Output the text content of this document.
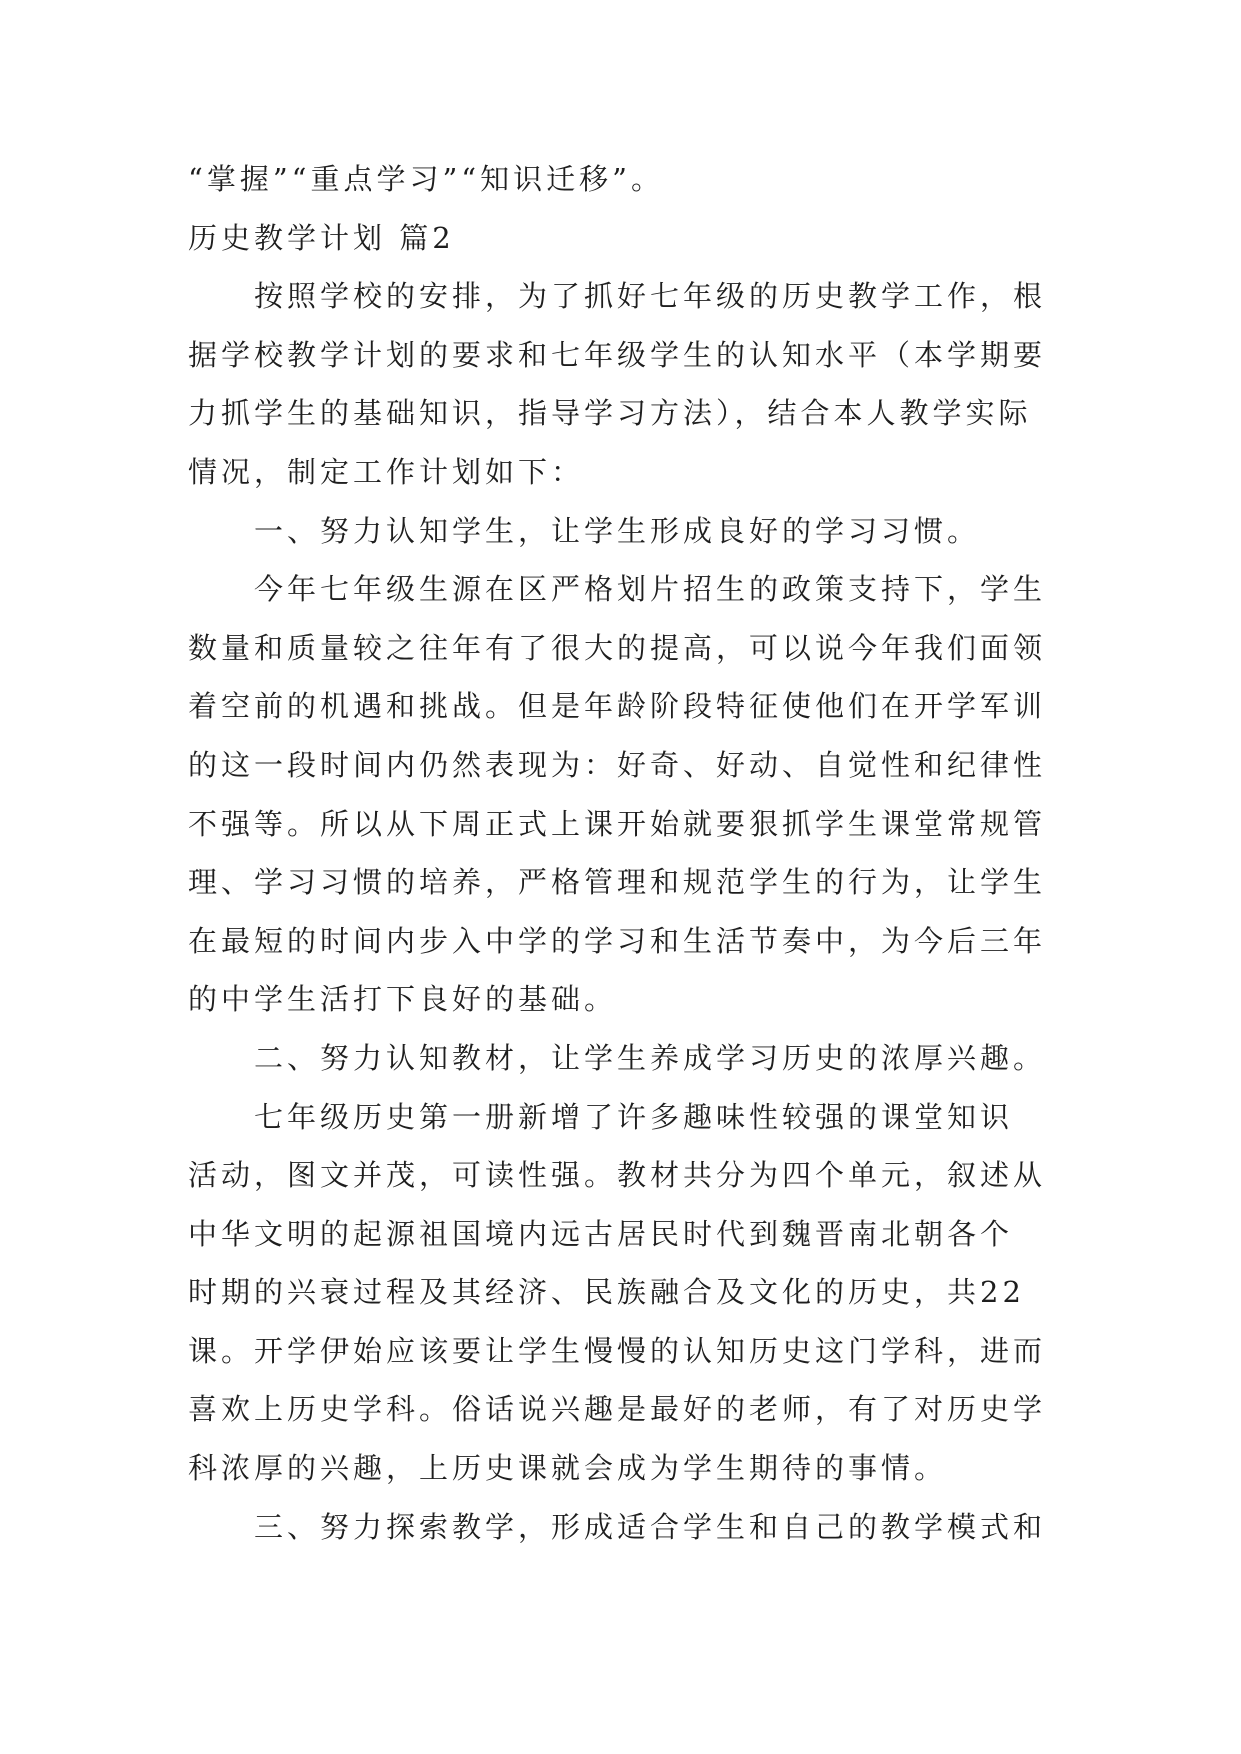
“掌握”“重点学习”“知识迁移”。
历史教学计划 篇2
按照学校的安排，为了抓好七年级的历史教学工作，根
据学校教学计划的要求和七年级学生的认知水平（本学期要
力抓学生的基础知识，指导学习方法），结合本人教学实际
情况，制定工作计划如下：
一、努力认知学生，让学生形成良好的学习习惯。
今年七年级生源在区严格划片招生的政策支持下，学生
数量和质量较之往年有了很大的提高，可以说今年我们面领
着空前的机遇和挑战。但是年龄阶段特征使他们在开学军训
的这一段时间内仍然表现为：好奇、好动、自觉性和纪律性
不强等。所以从下周正式上课开始就要狠抓学生课堂常规管
理、学习习惯的培养，严格管理和规范学生的行为，让学生
在最短的时间内步入中学的学习和生活节奏中，为今后三年
的中学生活打下良好的基础。
二、努力认知教材，让学生养成学习历史的浓厚兴趣。
七年级历史第一册新增了许多趣味性较强的课堂知识
活动，图文并茂，可读性强。教材共分为四个单元，叙述从
中华文明的起源祖国境内远古居民时代到魏晋南北朝各个
时期的兴衰过程及其经济、民族融合及文化的历史，共22
课。开学伊始应该要让学生慢慢的认知历史这门学科，进而
喜欢上历史学科。俗话说兴趣是最好的老师，有了对历史学
科浓厚的兴趣，上历史课就会成为学生期待的事情。
三、努力探索教学，形成适合学生和自己的教学模式和
